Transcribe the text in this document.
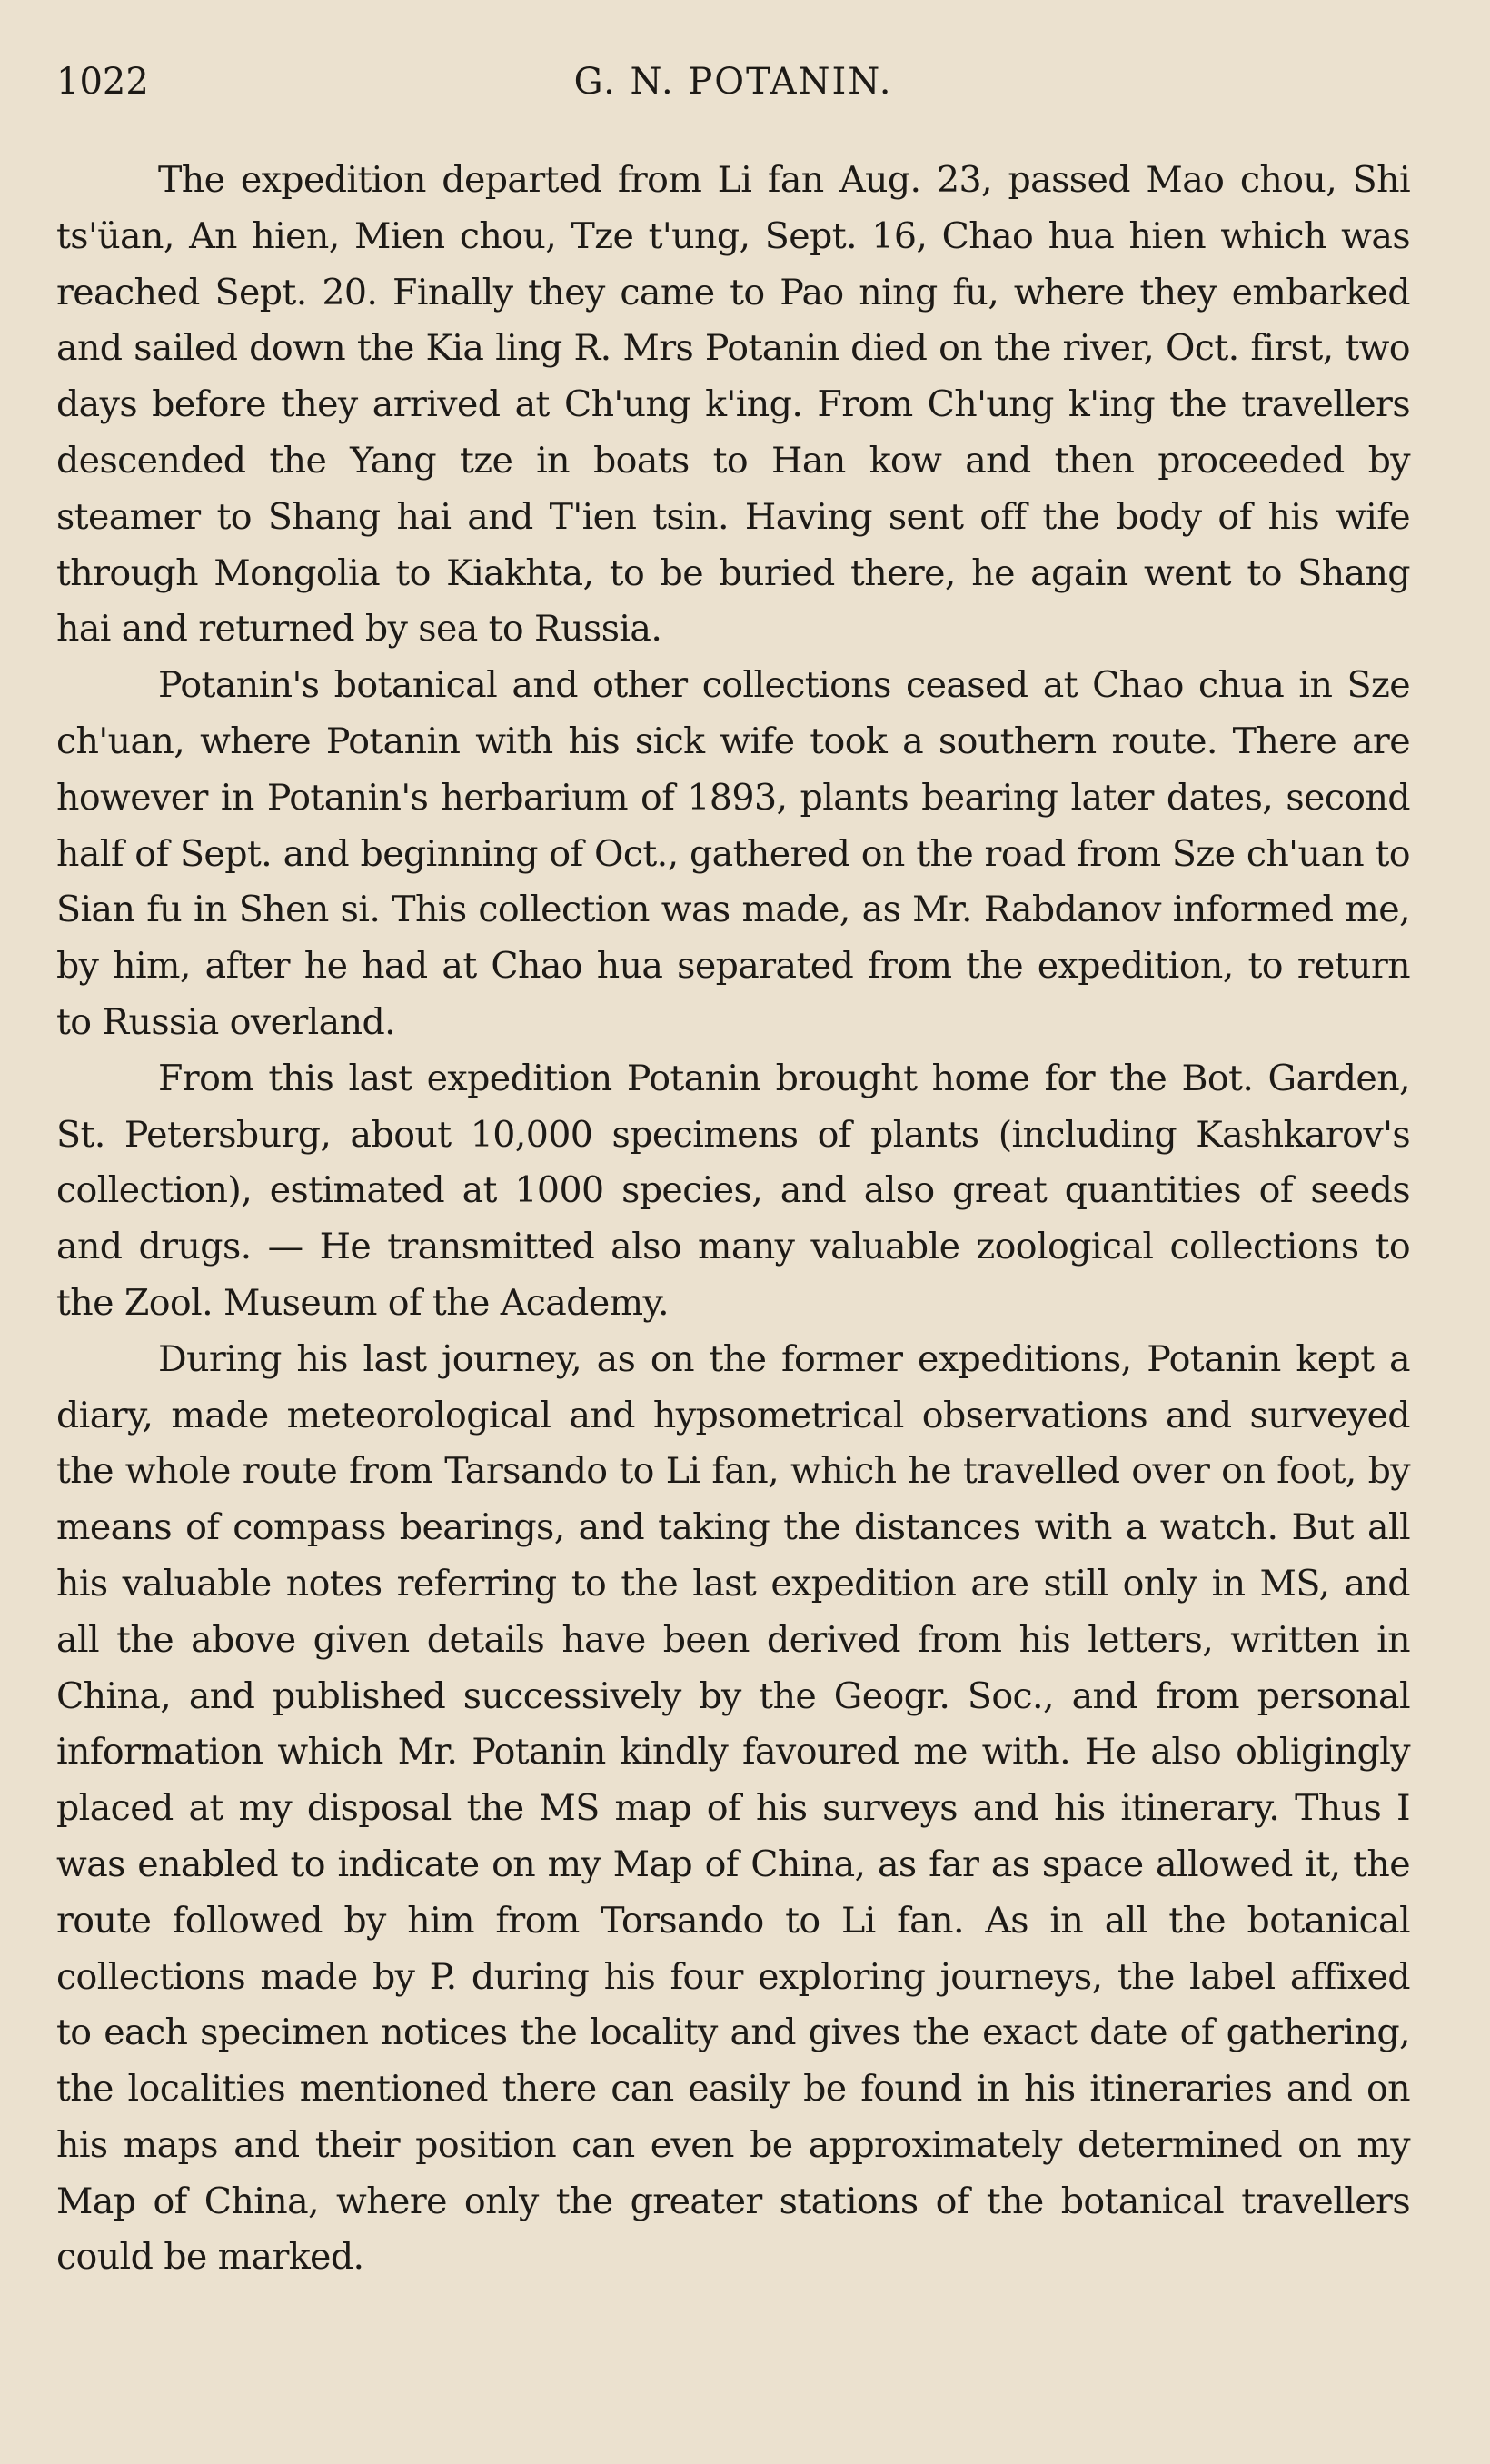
1022	G. N. POTANIN.

The expedition departed from Li fan Aug. 23, passed Mao chou, Shi ts'üan, An hien, Mien chou, Tze t'ung, Sept. 16, Chao hua hien which was reached Sept. 20. Finally they came to Pao ning fu, where they embarked and sailed down the Kia ling R. Mrs Potanin died on the river, Oct. first, two days before they arrived at Ch'ung k'ing. From Ch'ung k'ing the travellers descended the Yang tze in boats to Han kow and then proceeded by steamer to Shang hai and T'ien tsin. Having sent off the body of his wife through Mongolia to Kiakhta, to be buried there, he again went to Shang hai and returned by sea to Russia.

Potanin's botanical and other collections ceased at Chao chua in Sze ch'uan, where Potanin with his sick wife took a southern route. There are however in Potanin's herbarium of 1893, plants bearing later dates, second half of Sept. and beginning of Oct., gathered on the road from Sze ch'uan to Sian fu in Shen si. This collection was made, as Mr. Rabdanov informed me, by him, after he had at Chao hua separated from the expedition, to return to Russia overland.

From this last expedition Potanin brought home for the Bot. Garden, St. Petersburg, about 10,000 specimens of plants (including Kashkarov's collection), estimated at 1000 species, and also great quantities of seeds and drugs. — He transmitted also many valuable zoological collections to the Zool. Museum of the Academy.

During his last journey, as on the former expeditions, Potanin kept a diary, made meteorological and hypsometrical observations and surveyed the whole route from Tarsando to Li fan, which he travelled over on foot, by means of compass bearings, and taking the distances with a watch. But all his valuable notes referring to the last expedition are still only in MS, and all the above given details have been derived from his letters, written in China, and published successively by the Geogr. Soc., and from personal information which Mr. Potanin kindly favoured me with. He also obligingly placed at my disposal the MS map of his surveys and his itinerary. Thus I was enabled to indicate on my Map of China, as far as space allowed it, the route followed by him from Torsando to Li fan. As in all the botanical collections made by P. during his four exploring journeys, the label affixed to each specimen notices the locality and gives the exact date of gathering, the localities mentioned there can easily be found in his itineraries and on his maps and their position can even be approximately determined on my Map of China, where only the greater stations of the botanical travellers could be marked.
